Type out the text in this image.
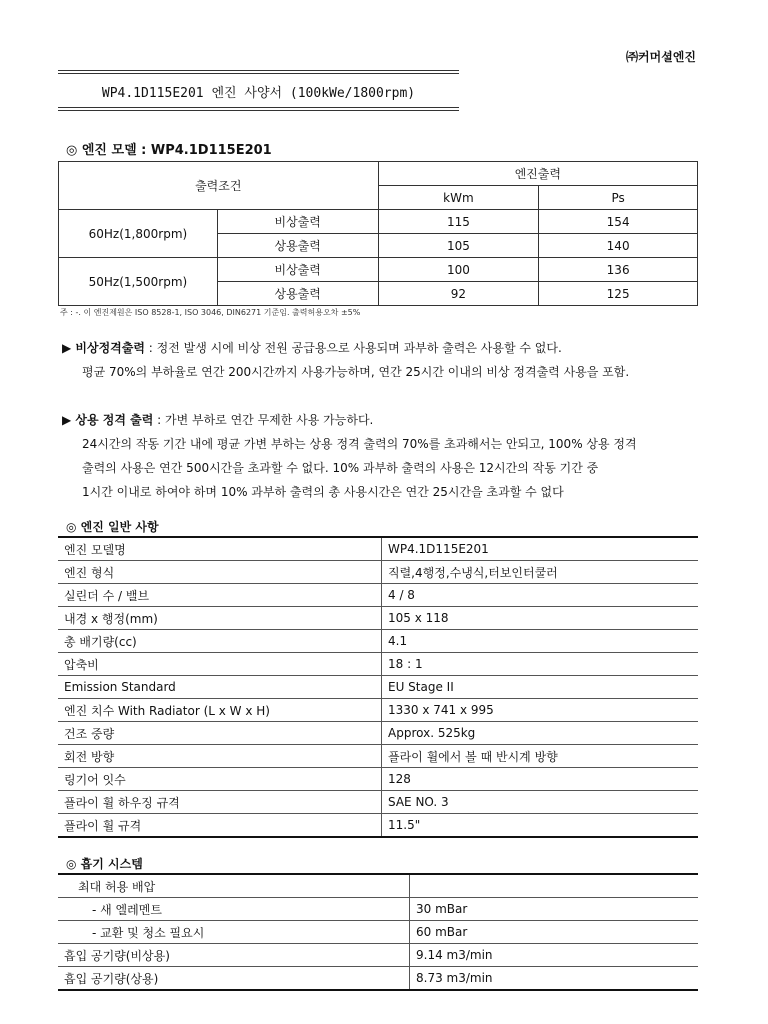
㈜커머셜엔진
WP4.1D115E201 엔진 사양서 (100kWe/1800rpm)
◎ 엔진 모델 : WP4.1D115E201
출력조건		엔진출력	
		kWm	Ps
60Hz(1,800rpm)	비상출력	115	154
	상용출력	105	140
50Hz(1,500rpm)	비상출력	100	136
	상용출력	92	125
주 : -. 이 엔진제원은 ISO 8528-1, ISO 3046, DIN6271 기준임. 출력허용오차 ±5%
▶ 비상정격출력 : 정전 발생 시에 비상 전원 공급용으로 사용되며 과부하 출력은 사용할 수 없다.
평균 70%의 부하율로 연간 200시간까지 사용가능하며, 연간 25시간 이내의 비상 정격출력 사용을 포함.
▶ 상용 정격 출력 : 가변 부하로 연간 무제한 사용 가능하다.
24시간의 작동 기간 내에 평균 가변 부하는 상용 정격 출력의 70%를 초과해서는 안되고, 100% 상용 정격
출력의 사용은 연간 500시간을 초과할 수 없다. 10% 과부하 출력의 사용은 12시간의 작동 기간 중
1시간 이내로 하여야 하며 10% 과부하 출력의 총 사용시간은 연간 25시간을 초과할 수 없다
◎ 엔진 일반 사항
엔진 모델명	WP4.1D115E201
엔진 형식	직렬,4행정,수냉식,터보인터쿨러
실린더 수 / 밸브	4 / 8
내경 x 행정(mm)	105 x 118
총 배기량(cc)	4.1
압축비	18 : 1
Emission Standard	EU Stage II
엔진 치수 With Radiator (L x W x H)	1330 x 741 x 995
건조 중량	Approx. 525kg
회전 방향	플라이 휠에서 볼 때 반시계 방향
링기어 잇수	128
플라이 휠 하우징 규격	SAE NO. 3
플라이 휠 규격	11.5"
◎ 흡기 시스템
최대 허용 배압	
- 새 엘레멘트	30 mBar
- 교환 및 청소 필요시	60 mBar
흡입 공기량(비상용)	9.14 m3/min
흡입 공기량(상용)	8.73 m3/min
